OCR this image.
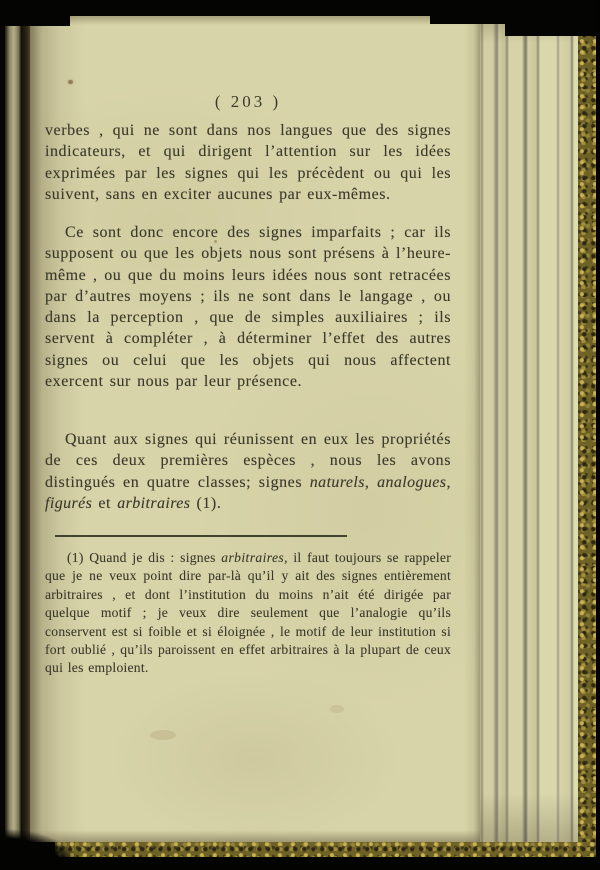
( 203 )

verbes , qui ne sont dans nos langues que des signes indicateurs, et qui dirigent l’attention sur les idées exprimées par les signes qui les précèdent ou qui les suivent, sans en exciter aucunes par eux-mêmes.

Ce sont donc encore des signes imparfaits ; car ils supposent ou que les objets nous sont présens à l’heure-même , ou que du moins leurs idées nous sont retracées par d’autres moyens ; ils ne sont dans le langage , ou dans la perception , que de simples auxiliaires ; ils servent à compléter , à déterminer l’effet des autres signes ou celui que les objets qui nous affectent exercent sur nous par leur présence.

Quant aux signes qui réunissent en eux les propriétés de ces deux premières espèces , nous les avons distingués en quatre classes; signes naturels, analogues, figurés et arbitraires (1).

(1) Quand je dis : signes arbitraires, il faut toujours se rappeler que je ne veux point dire par-là qu’il y ait des signes entièrement arbitraires , et dont l’institution du moins n’ait été dirigée par quelque motif ; je veux dire seulement que l’analogie qu’ils conservent est si foible et si éloignée , le motif de leur institution si fort oublié , qu’ils paroissent en effet arbitraires à la plupart de ceux qui les emploient.
